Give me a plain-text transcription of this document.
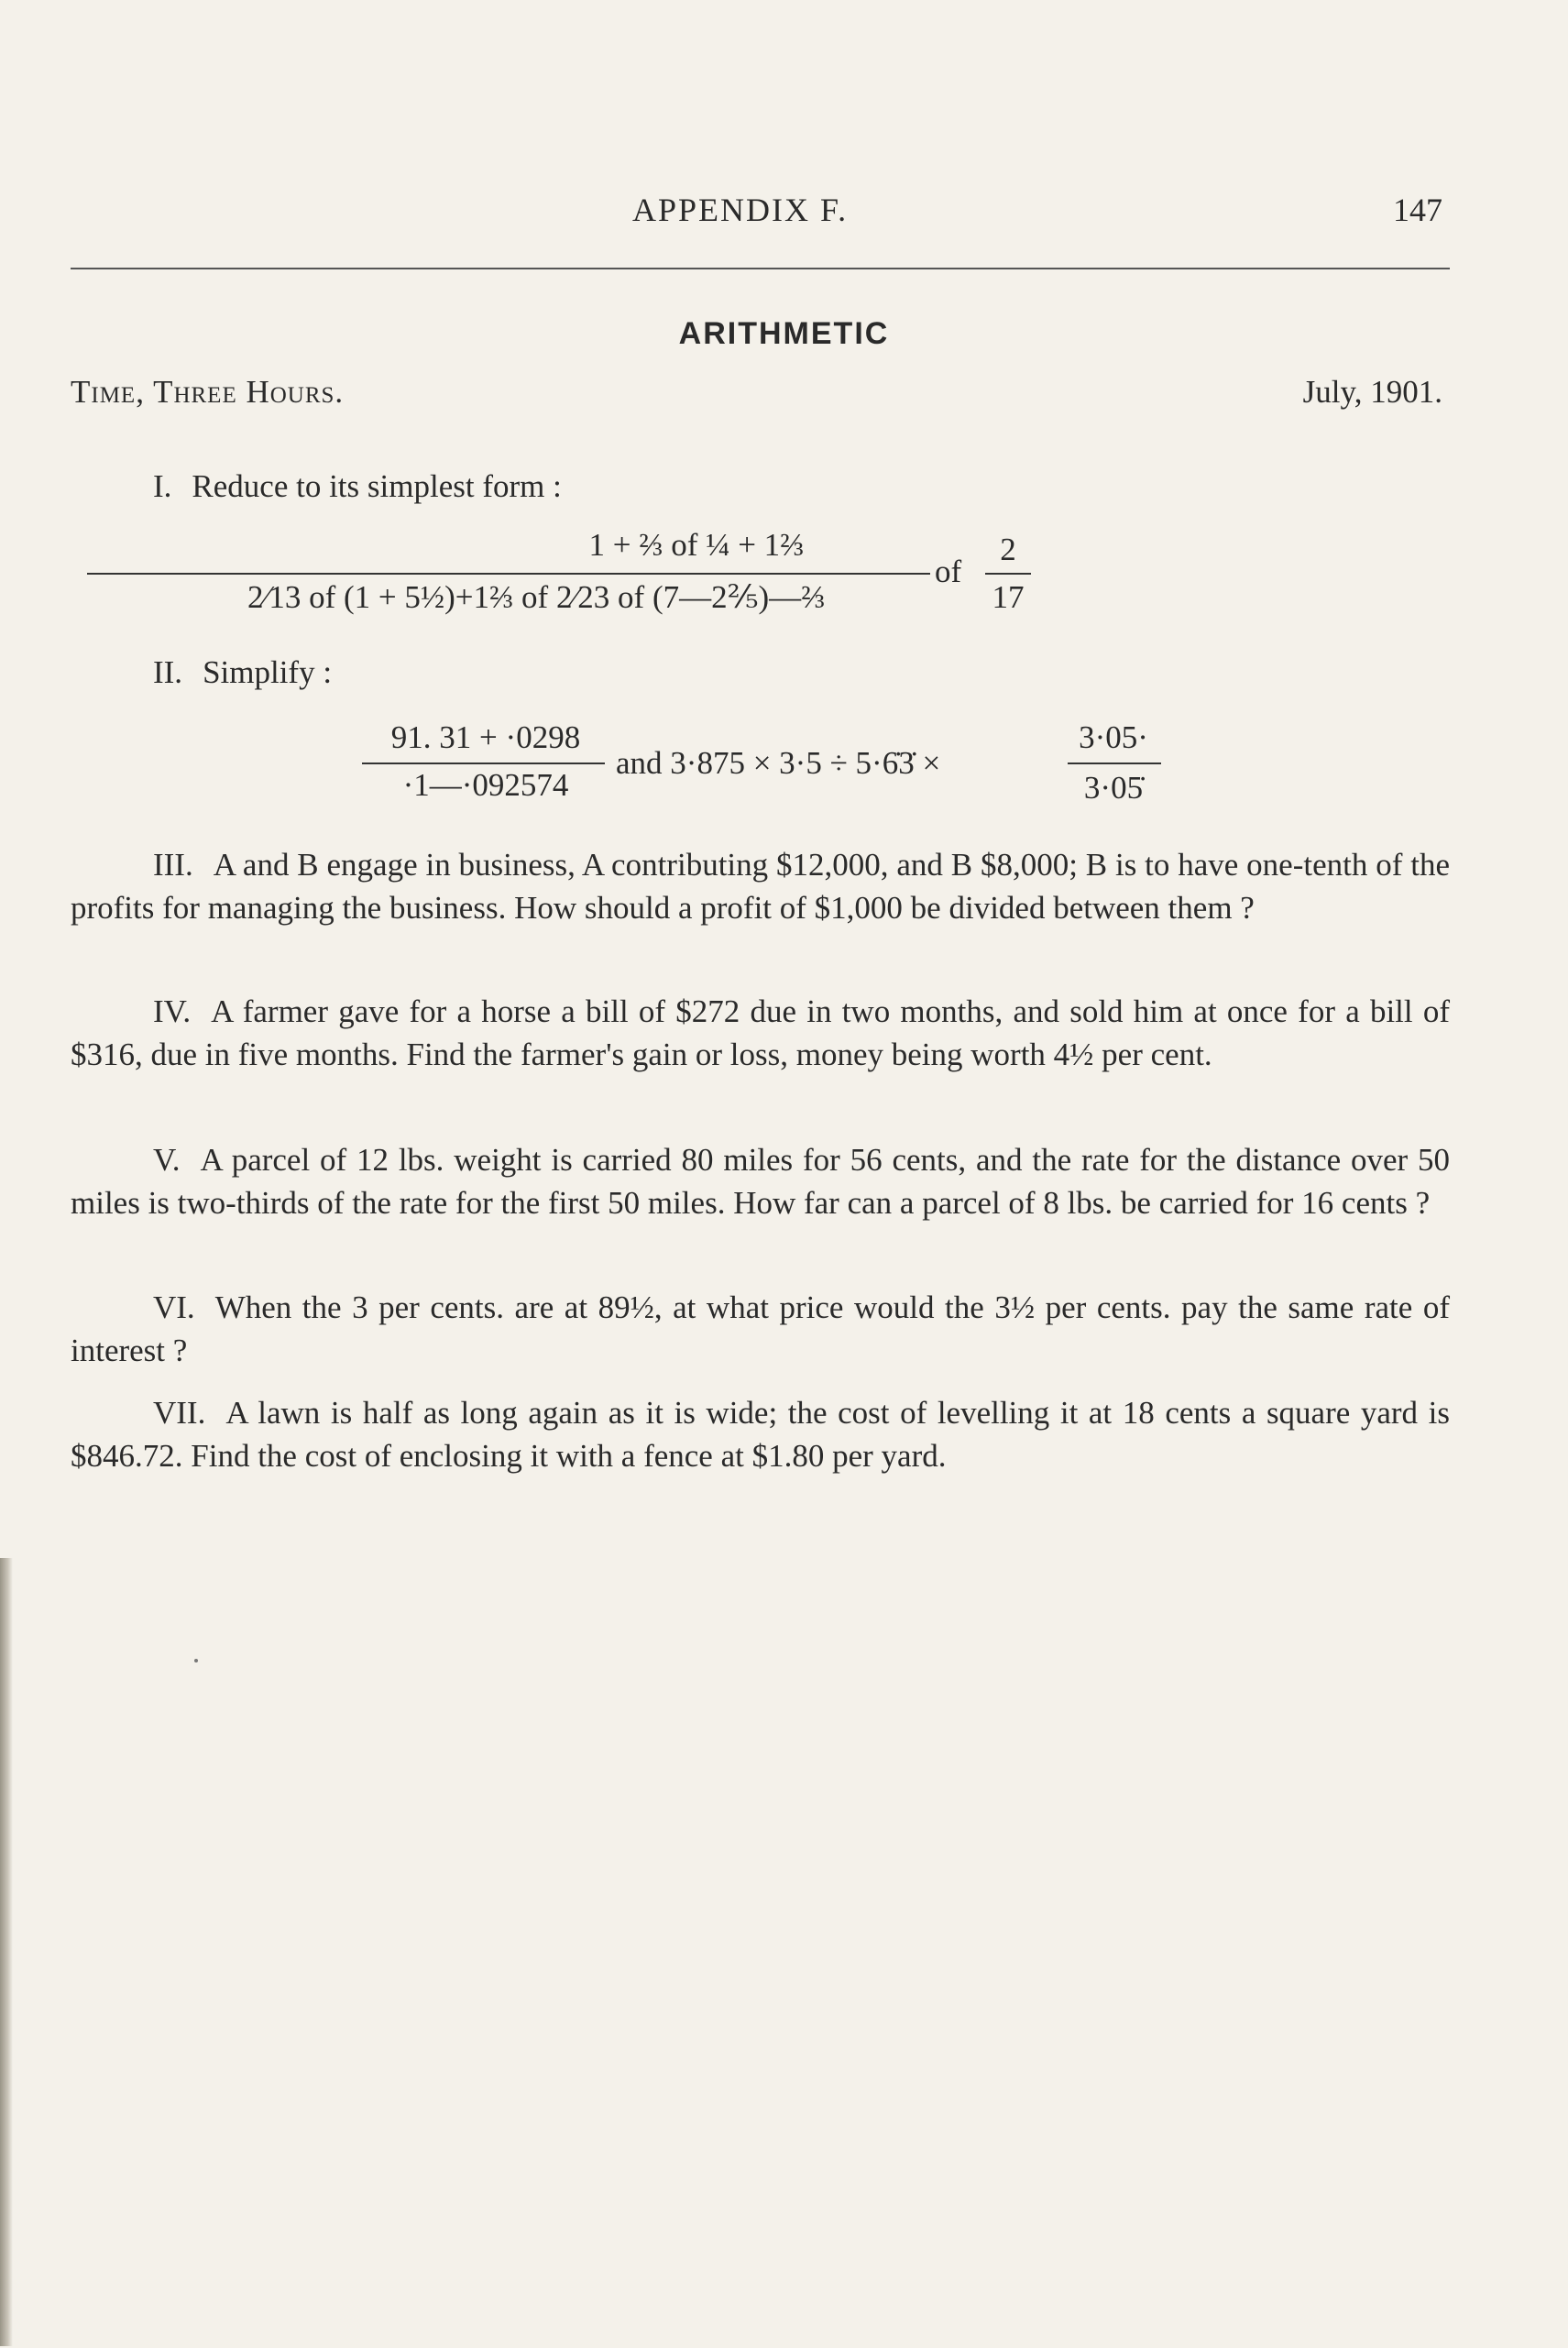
APPENDIX F.	147
ARITHMETIC
Time, Three Hours.	July, 1901.
I. Reduce to its simplest form :
1 + ⅔ of ¼ + 1⅔
2⁄13 of (1 + 5½)+1⅔ of 2⁄23 of (7—2⅖)—⅔
of
2
17
II. Simplify :
91. 31 + ·0298
·1—·092574
and 3·875 × 3·5 ÷ 5·6̇3̇ ×
3·05·
3·05̇
III. A and B engage in business, A contributing $12,000, and B $8,000; B is to have one-tenth of the profits for managing the business. How should a profit of $1,000 be divided between them ?
IV. A farmer gave for a horse a bill of $272 due in two months, and sold him at once for a bill of $316, due in five months. Find the farmer's gain or loss, money being worth 4½ per cent.
V. A parcel of 12 lbs. weight is carried 80 miles for 56 cents, and the rate for the distance over 50 miles is two-thirds of the rate for the first 50 miles. How far can a parcel of 8 lbs. be carried for 16 cents ?
VI. When the 3 per cents. are at 89½, at what price would the 3½ per cents. pay the same rate of interest ?
VII. A lawn is half as long again as it is wide; the cost of levelling it at 18 cents a square yard is $846.72. Find the cost of enclosing it with a fence at $1.80 per yard.
